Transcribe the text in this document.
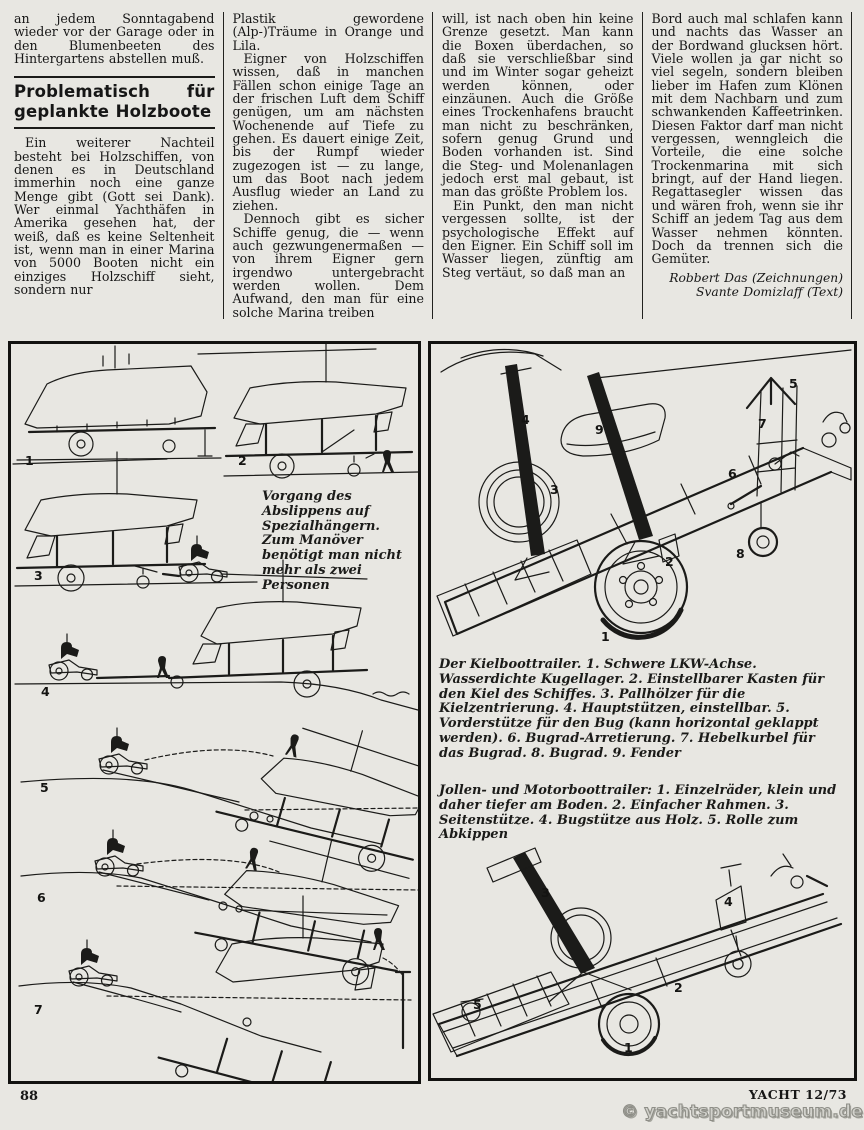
an jedem Sonntagabend wieder vor der Garage oder in den Blumenbeeten des Hintergartens abstellen muß.

Problematisch für geplankte Holzboote

Ein weiterer Nachteil besteht bei Holzschiffen, von denen es in Deutschland immerhin noch eine ganze Menge gibt (Gott sei Dank). Wer einmal Yachthäfen in Amerika gesehen hat, der weiß, daß es keine Seltenheit ist, wenn man in einer Marina von 5000 Booten nicht ein einziges Holzschiff sieht, sondern nur

Plastik gewordene (Alp-)Träume in Orange und Lila.

Eigner von Holzschiffen wissen, daß in manchen Fällen schon einige Tage an der frischen Luft dem Schiff genügen, um am nächsten Wochenende auf Tiefe zu gehen. Es dauert einige Zeit, bis der Rumpf wieder zugezogen ist — zu lange, um das Boot nach jedem Ausflug wieder an Land zu ziehen.

Dennoch gibt es sicher Schiffe genug, die — wenn auch gezwungenermaßen — von ihrem Eigner gern irgendwo untergebracht werden wollen. Dem Aufwand, den man für eine solche Marina treiben

will, ist nach oben hin keine Grenze gesetzt. Man kann die Boxen überdachen, so daß sie verschließbar sind und im Winter sogar geheizt werden können, oder einzäunen. Auch die Größe eines Trockenhafens braucht man nicht zu beschränken, sofern genug Grund und Boden vorhanden ist. Sind die Steg- und Molenanlagen jedoch erst mal gebaut, ist man das größte Problem los.

Ein Punkt, den man nicht vergessen sollte, ist der psychologische Effekt auf den Eigner. Ein Schiff soll im Wasser liegen, zünftig am Steg vertäut, so daß man an

Bord auch mal schlafen kann und nachts das Wasser an der Bordwand glucksen hört. Viele wollen ja gar nicht so viel segeln, sondern bleiben lieber im Hafen zum Klönen mit dem Nachbarn und zum schwankenden Kaffeetrinken. Diesen Faktor darf man nicht vergessen, wenngleich die Vorteile, die eine solche Trockenmarina mit sich bringt, auf der Hand liegen. Regattasegler wissen das und wären froh, wenn sie ihr Schiff an jedem Tag aus dem Wasser nehmen könnten. Doch da trennen sich die Gemüter.

Robbert Das (Zeichnungen)
Svante Domizlaff (Text)
1	2
3
4
5
6
7
Vorgang des Abslippens auf Spezialhängern. Zum Manöver benötigt man nicht mehr als zwei Personen
1
2
3
4
5
6
7
8
9
Der Kielboottrailer. 1. Schwere LKW-Achse. Wasserdichte Kugellager. 2. Einstellbarer Kasten für den Kiel des Schiffes. 3. Pallhölzer für die Kielzentrierung. 4. Hauptstützen, einstellbar. 5. Vorderstütze für den Bug (kann horizontal geklappt werden). 6. Bugrad-Arretierung. 7. Hebelkurbel für das Bugrad. 8. Bugrad. 9. Fender
Jollen- und Motorboottrailer: 1. Einzelräder, klein und daher tiefer am Boden. 2. Einfacher Rahmen. 3. Seitenstütze. 4. Bugstütze aus Holz. 5. Rolle zum Abkippen
1
2
3
4
5
88	YACHT 12/73
© yachtsportmuseum.de
